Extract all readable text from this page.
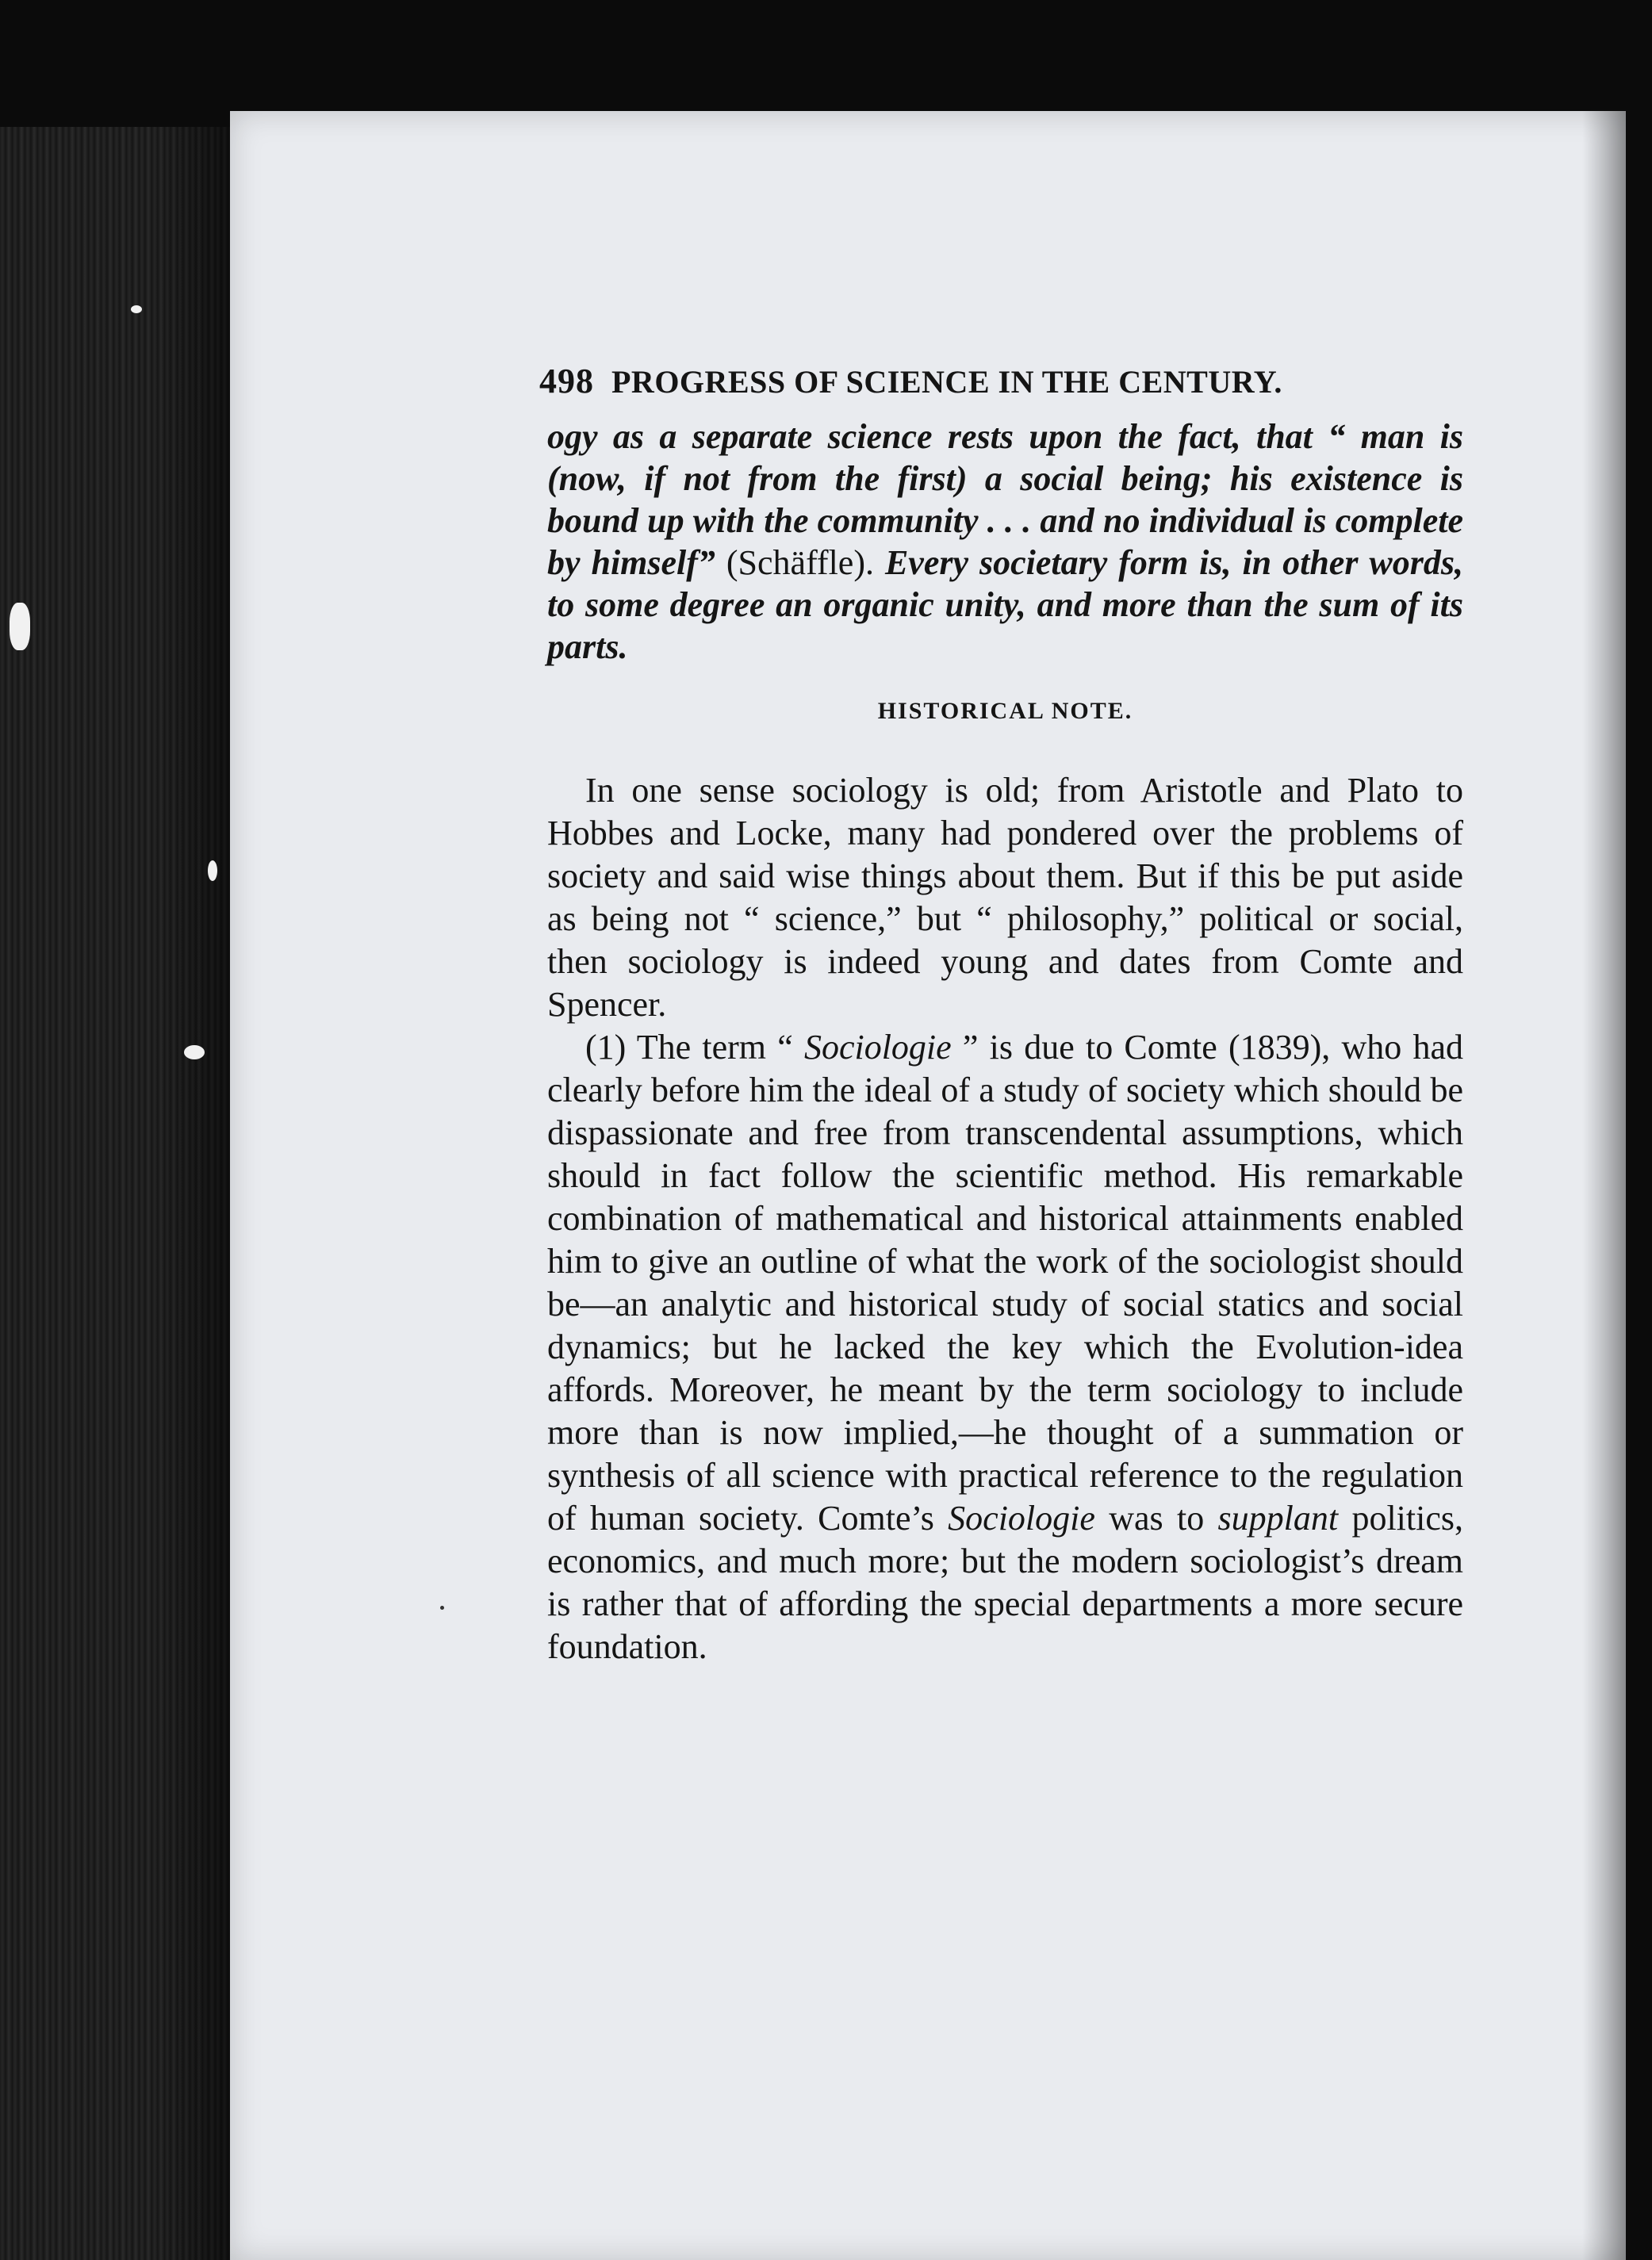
498 PROGRESS OF SCIENCE IN THE CENTURY.

ogy as a separate science rests upon the fact, that “ man is (now, if not from the first) a social being; his existence is bound up with the community . . . and no individual is complete by himself” (Schäffle). Every societary form is, in other words, to some degree an organic unity, and more than the sum of its parts.

HISTORICAL NOTE.

In one sense sociology is old; from Aristotle and Plato to Hobbes and Locke, many had pondered over the problems of society and said wise things about them. But if this be put aside as being not “ science,” but “ philosophy,” political or social, then sociology is indeed young and dates from Comte and Spencer.

(1) The term “ Sociologie ” is due to Comte (1839), who had clearly before him the ideal of a study of society which should be dispassionate and free from transcendental assumptions, which should in fact follow the scientific method. His remarkable combination of mathematical and historical attainments enabled him to give an outline of what the work of the sociologist should be—an analytic and historical study of social statics and social dynamics; but he lacked the key which the Evolution-idea affords. Moreover, he meant by the term sociology to include more than is now implied,—he thought of a summation or synthesis of all science with practical reference to the regulation of human society. Comte’s Sociologie was to supplant politics, economics, and much more; but the modern sociologist’s dream is rather that of affording the special departments a more secure foundation.
